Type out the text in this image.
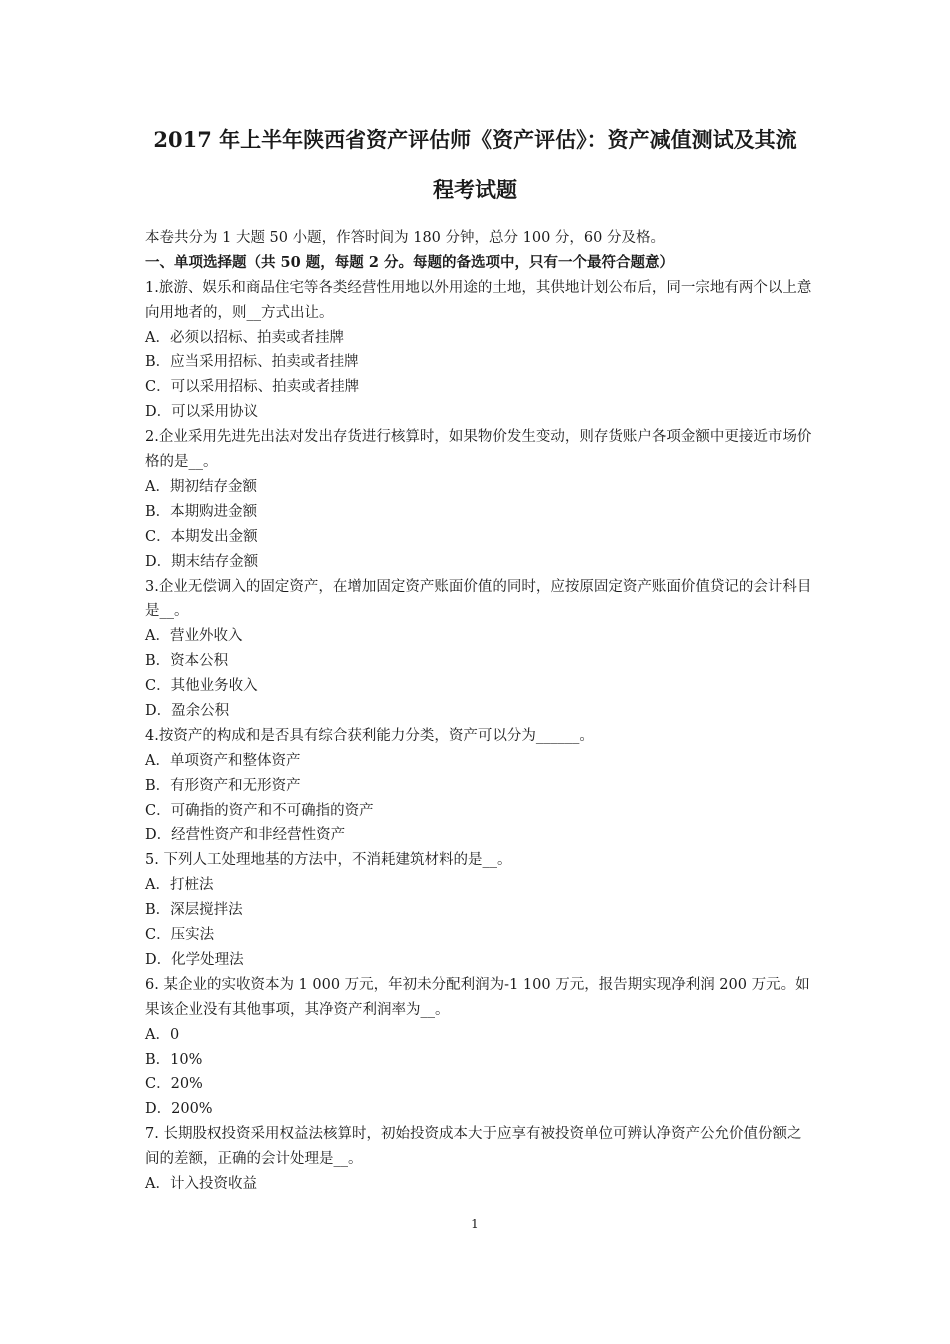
2017 年上半年陕西省资产评估师《资产评估》：资产减值测试及其流
程考试题
本卷共分为 1 大题 50 小题，作答时间为 180 分钟，总分 100 分，60 分及格。
一、单项选择题（共 50 题，每题 2 分。每题的备选项中，只有一个最符合题意）
1.旅游、娱乐和商品住宅等各类经营性用地以外用途的土地，其供地计划公布后，同一宗地有两个以上意向用地者的，则__方式出让。
A．必须以招标、拍卖或者挂牌
B．应当采用招标、拍卖或者挂牌
C．可以采用招标、拍卖或者挂牌
D．可以采用协议
2.企业采用先进先出法对发出存货进行核算时，如果物价发生变动，则存货账户各项金额中更接近市场价格的是__。
A．期初结存金额
B．本期购进金额
C．本期发出金额
D．期末结存金额
3.企业无偿调入的固定资产，在增加固定资产账面价值的同时，应按原固定资产账面价值贷记的会计科目是__。
A．营业外收入
B．资本公积
C．其他业务收入
D．盈余公积
4.按资产的构成和是否具有综合获利能力分类，资产可以分为______。
A．单项资产和整体资产
B．有形资产和无形资产
C．可确指的资产和不可确指的资产
D．经营性资产和非经营性资产
5. 下列人工处理地基的方法中，不消耗建筑材料的是__。
A．打桩法
B．深层搅拌法
C．压实法
D．化学处理法
6. 某企业的实收资本为 1 000 万元，年初未分配利润为-1 100 万元，报告期实现净利润 200 万元。如果该企业没有其他事项，其净资产利润率为__。
A．0
B．10%
C．20%
D．200%
7. 长期股权投资采用权益法核算时，初始投资成本大于应享有被投资单位可辨认净资产公允价值份额之间的差额，正确的会计处理是__。
A．计入投资收益
1
